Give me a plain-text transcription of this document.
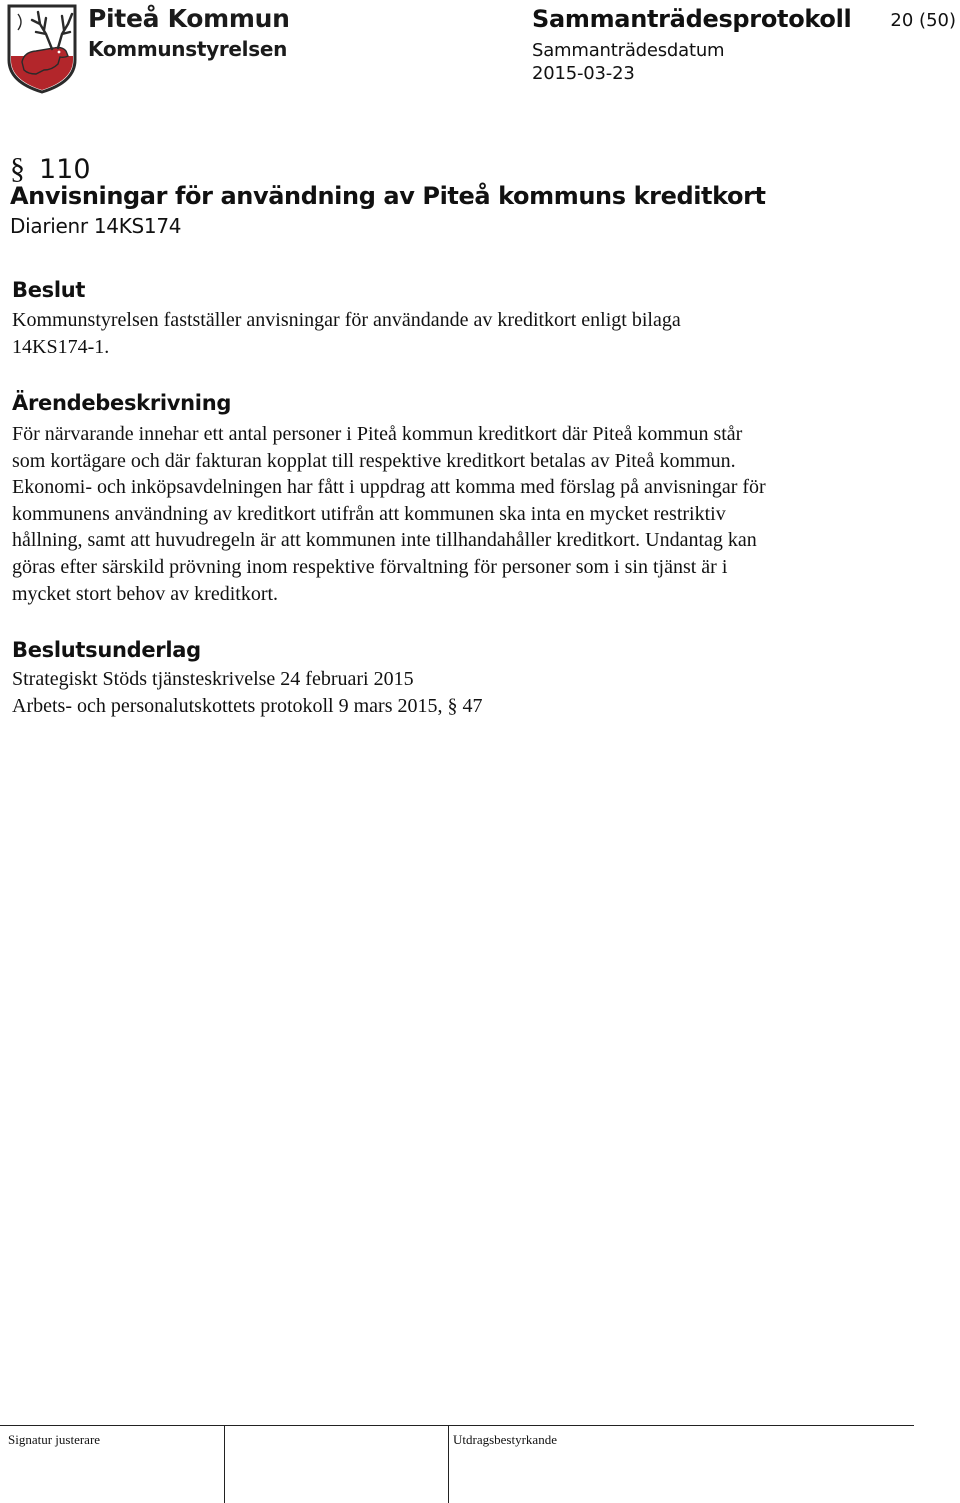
Piteå Kommun
Kommunstyrelsen
Sammanträdesprotokoll
Sammanträdesdatum
2015-03-23
20 (50)
§ 110
Anvisningar för användning av Piteå kommuns kreditkort
Diarienr 14KS174
Beslut
Kommunstyrelsen fastställer anvisningar för användande av kreditkort enligt bilaga
14KS174-1.
Ärendebeskrivning
För närvarande innehar ett antal personer i Piteå kommun kreditkort där Piteå kommun står
som kortägare och där fakturan kopplat till respektive kreditkort betalas av Piteå kommun.
Ekonomi- och inköpsavdelningen har fått i uppdrag att komma med förslag på anvisningar för
kommunens användning av kreditkort utifrån att kommunen ska inta en mycket restriktiv
hållning, samt att huvudregeln är att kommunen inte tillhandahåller kreditkort. Undantag kan
göras efter särskild prövning inom respektive förvaltning för personer som i sin tjänst är i
mycket stort behov av kreditkort.
Beslutsunderlag
Strategiskt Stöds tjänsteskrivelse 24 februari 2015
Arbets- och personalutskottets protokoll 9 mars 2015, § 47
Signatur justerare	Utdragsbestyrkande
